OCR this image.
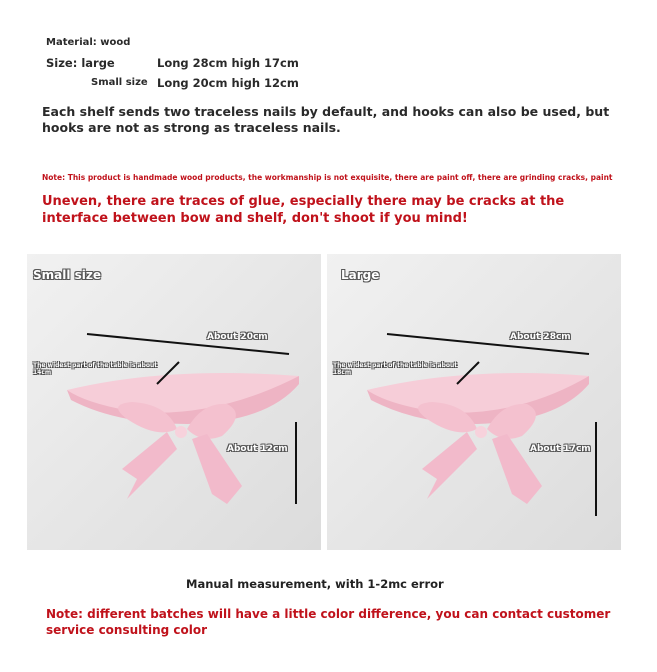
Material: wood
Size: large	Long 28cm high 17cm
Small size Long 20cm high 12cm
Each shelf sends two traceless nails by default, and hooks can also be used, but hooks are not as strong as traceless nails.
Note: This product is handmade wood products, the workmanship is not exquisite, there are paint off, there are grinding cracks, paint
Uneven, there are traces of glue, especially there may be cracks at the interface between bow and shelf, don't shoot if you mind!
Small size
About 20cm
The widest part of the table is about 14cm
About 12cm
Large
About 28cm
The widest part of the table is about 18cm
About 17cm
Manual measurement, with 1-2mc error
Note: different batches will have a little color difference, you can contact customer service consulting color
